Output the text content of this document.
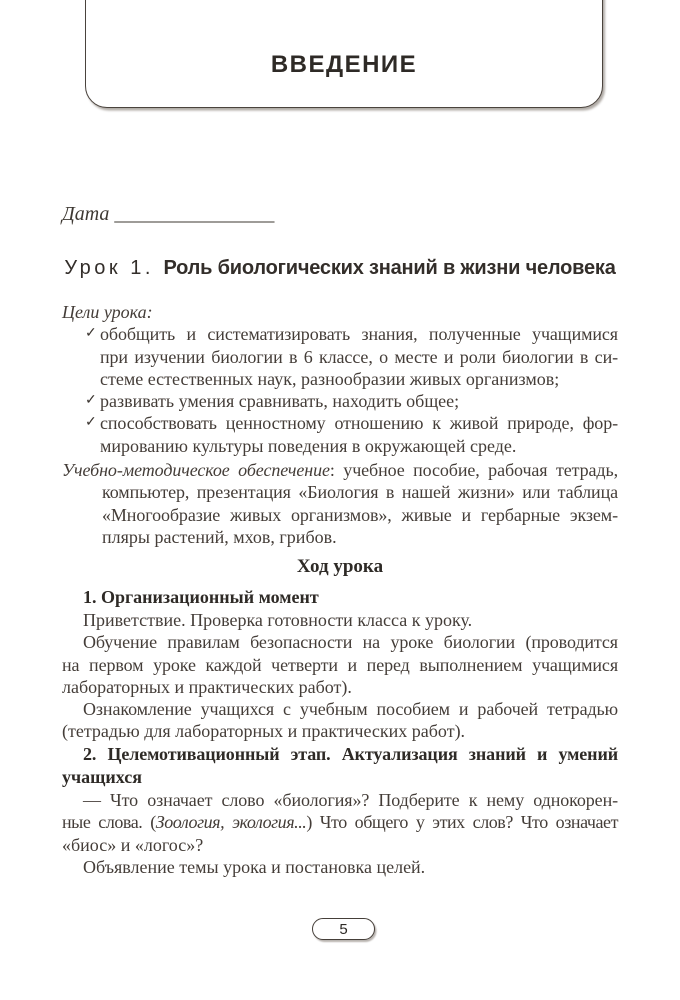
ВВЕДЕНИЕ
Дата ________________
Урок 1. Роль биологических знаний в жизни человека
Цели урока:
✓ обобщить и систематизировать знания, полученные учащимися
при изучении биологии в 6 классе, о месте и роли биологии в си-
стеме естественных наук, разнообразии живых организмов;
✓ развивать умения сравнивать, находить общее;
✓ способствовать ценностному отношению к живой природе, фор-
мированию культуры поведения в окружающей среде.
Учебно-методическое обеспечение: учебное пособие, рабочая тетрадь,
компьютер, презентация «Биология в нашей жизни» или таблица
«Многообразие живых организмов», живые и гербарные экзем-
пляры растений, мхов, грибов.
Ход урока
1. Организационный момент
Приветствие. Проверка готовности класса к уроку.
Обучение правилам безопасности на уроке биологии (проводится
на первом уроке каждой четверти и перед выполнением учащимися
лабораторных и практических работ).
Ознакомление учащихся с учебным пособием и рабочей тетрадью
(тетрадью для лабораторных и практических работ).
2. Целемотивационный этап. Актуализация знаний и умений
учащихся
— Что означает слово «биология»? Подберите к нему однокорен-
ные слова. (Зоология, экология...) Что общего у этих слов? Что означает
«биос» и «логос»?
Объявление темы урока и постановка целей.
5
